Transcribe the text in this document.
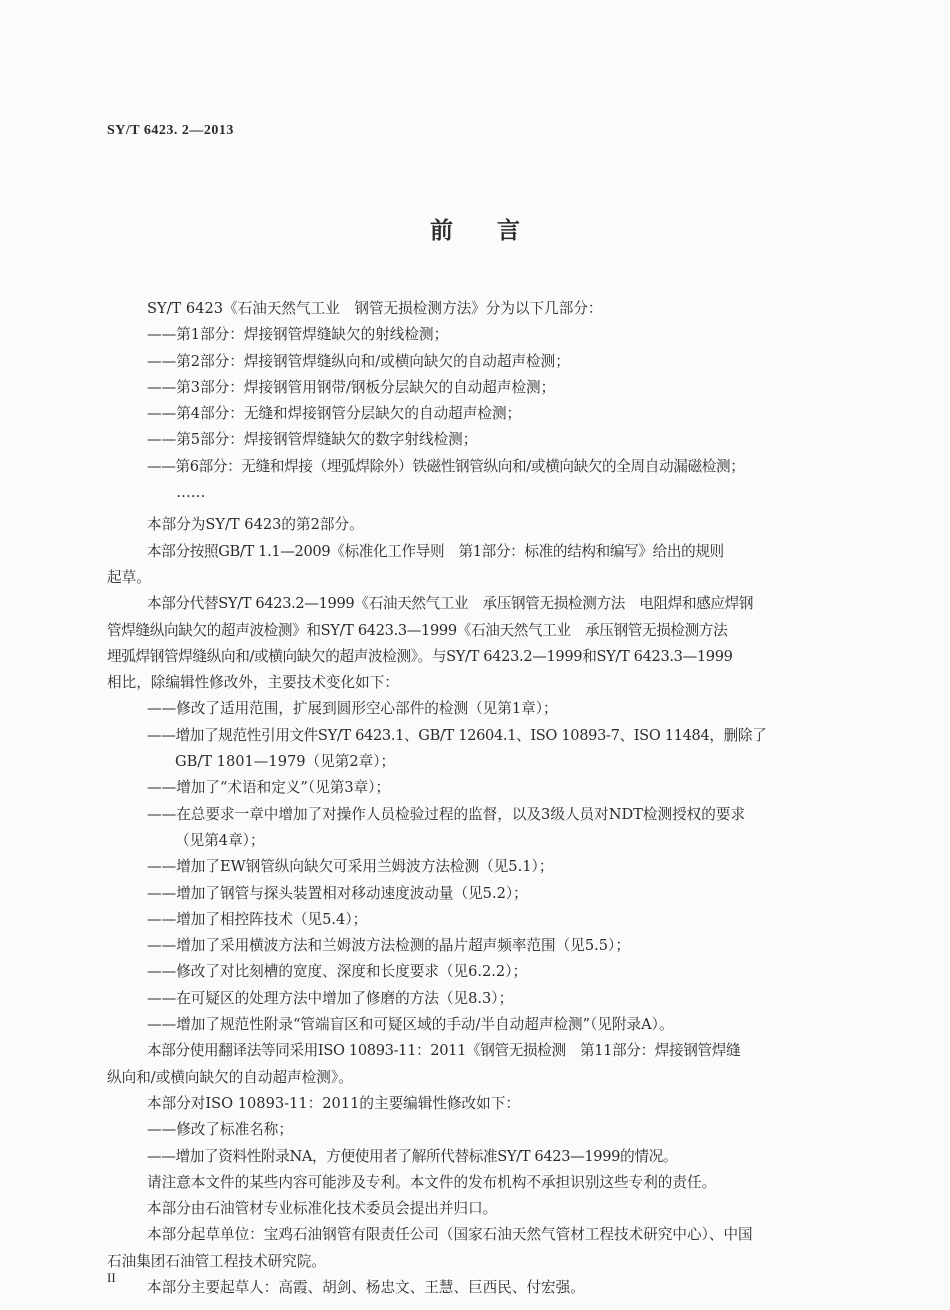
SY/T 6423. 2—2013
前言
SY/T 6423《石油天然气工业　钢管无损检测方法》分为以下几部分：
——第1部分：焊接钢管焊缝缺欠的射线检测；
——第2部分：焊接钢管焊缝纵向和/或横向缺欠的自动超声检测；
——第3部分：焊接钢管用钢带/钢板分层缺欠的自动超声检测；
——第4部分：无缝和焊接钢管分层缺欠的自动超声检测；
——第5部分：焊接钢管焊缝缺欠的数字射线检测；
——第6部分：无缝和焊接（埋弧焊除外）铁磁性钢管纵向和/或横向缺欠的全周自动漏磁检测；
　　……
本部分为SY/T 6423的第2部分。
本部分按照GB/T 1.1—2009《标准化工作导则　第1部分：标准的结构和编写》给出的规则
起草。
本部分代替SY/T 6423.2—1999《石油天然气工业　承压钢管无损检测方法　电阻焊和感应焊钢
管焊缝纵向缺欠的超声波检测》和SY/T 6423.3—1999《石油天然气工业　承压钢管无损检测方法
埋弧焊钢管焊缝纵向和/或横向缺欠的超声波检测》。与SY/T 6423.2—1999和SY/T 6423.3—1999
相比，除编辑性修改外，主要技术变化如下：
——修改了适用范围，扩展到圆形空心部件的检测（见第1章）；
——增加了规范性引用文件SY/T 6423.1、GB/T 12604.1、ISO 10893-7、ISO 11484，删除了
GB/T 1801—1979（见第2章）；
——增加了“术语和定义”（见第3章）；
——在总要求一章中增加了对操作人员检验过程的监督，以及3级人员对NDT检测授权的要求
（见第4章）；
——增加了EW钢管纵向缺欠可采用兰姆波方法检测（见5.1）；
——增加了钢管与探头装置相对移动速度波动量（见5.2）；
——增加了相控阵技术（见5.4）；
——增加了采用横波方法和兰姆波方法检测的晶片超声频率范围（见5.5）；
——修改了对比刻槽的宽度、深度和长度要求（见6.2.2）；
——在可疑区的处理方法中增加了修磨的方法（见8.3）；
——增加了规范性附录“管端盲区和可疑区域的手动/半自动超声检测”（见附录A）。
本部分使用翻译法等同采用ISO 10893-11：2011《钢管无损检测　第11部分：焊接钢管焊缝
纵向和/或横向缺欠的自动超声检测》。
本部分对ISO 10893-11：2011的主要编辑性修改如下：
——修改了标准名称；
——增加了资料性附录NA，方便使用者了解所代替标准SY/T 6423—1999的情况。
请注意本文件的某些内容可能涉及专利。本文件的发布机构不承担识别这些专利的责任。
本部分由石油管材专业标准化技术委员会提出并归口。
本部分起草单位：宝鸡石油钢管有限责任公司（国家石油天然气管材工程技术研究中心）、中国
石油集团石油管工程技术研究院。
本部分主要起草人：高霞、胡剑、杨忠文、王慧、巨西民、付宏强。
II
